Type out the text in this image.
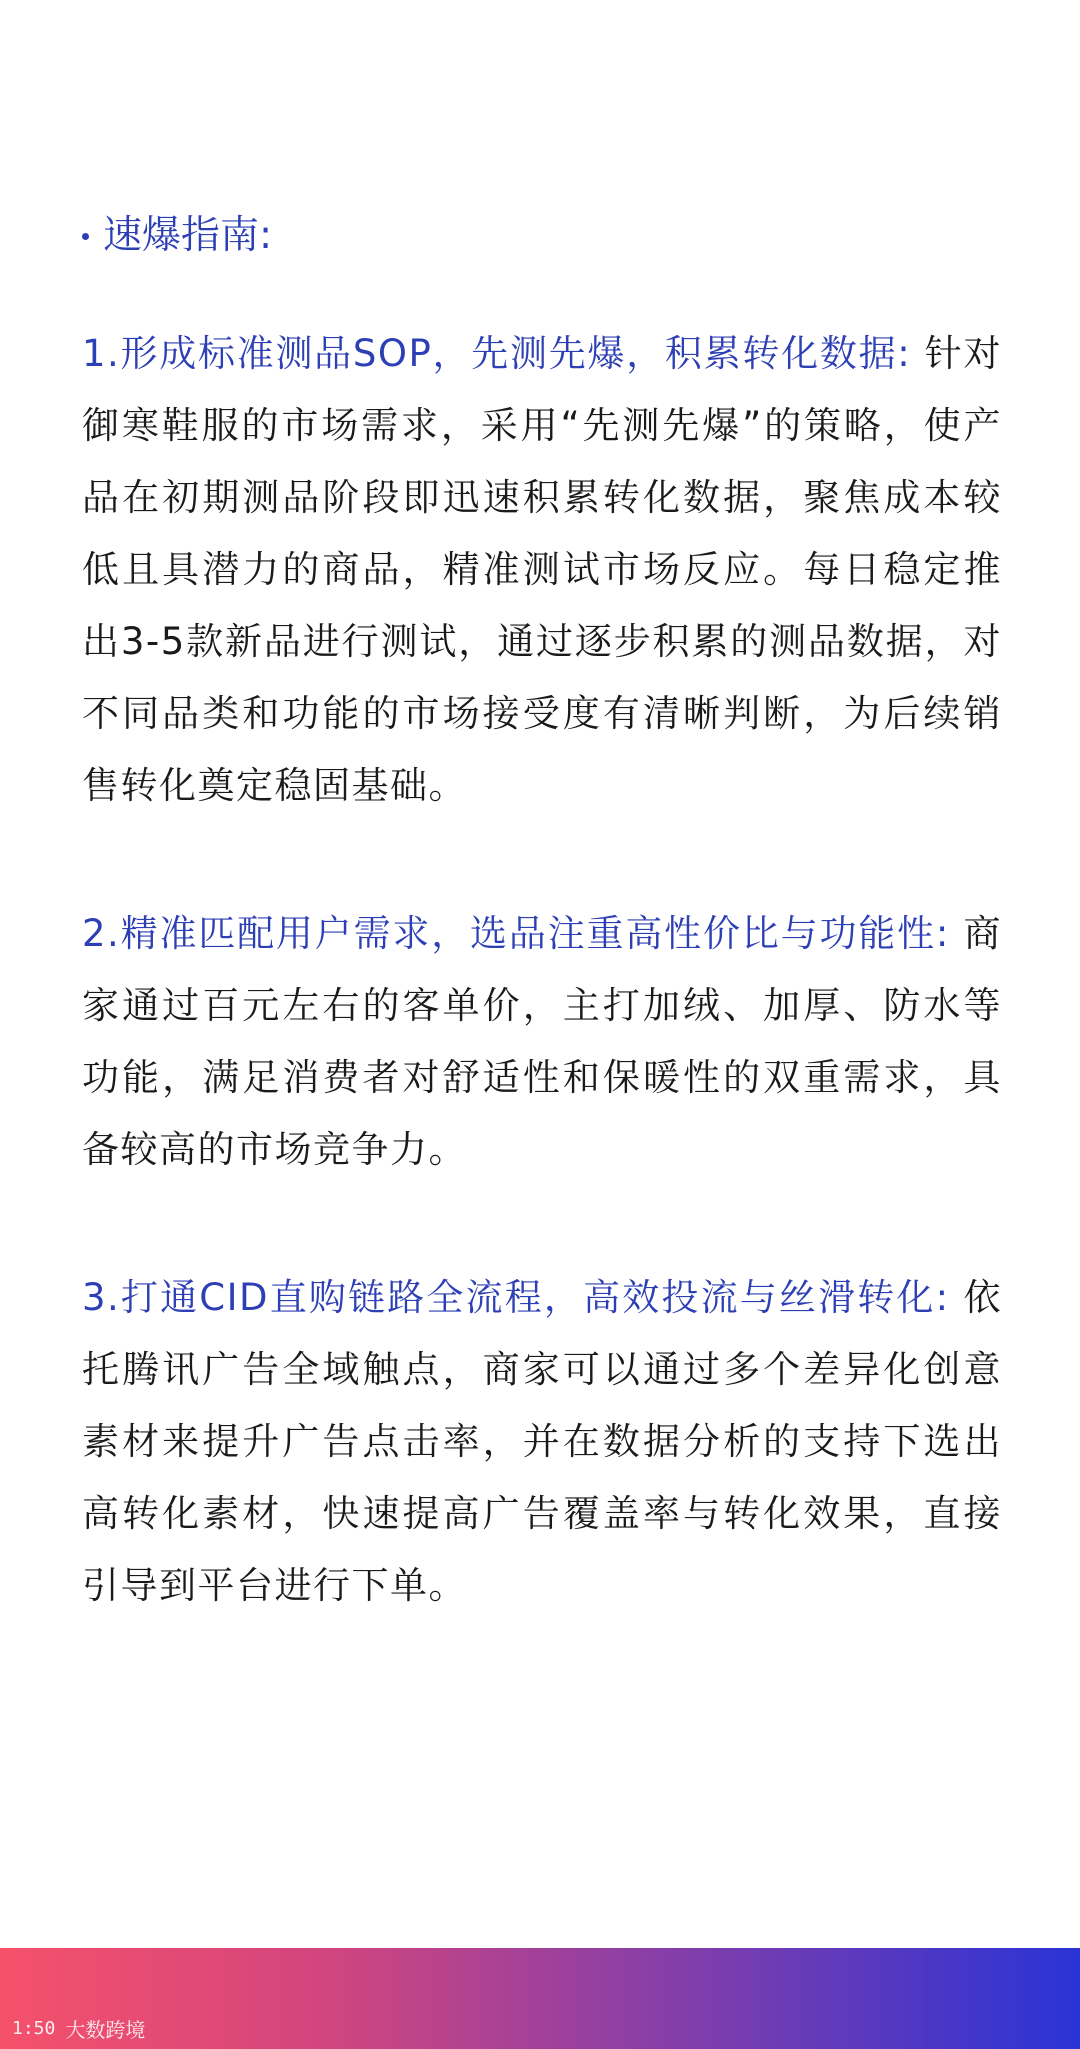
速爆指南:

1.形成标准测品SOP，先测先爆，积累转化数据: 针对御寒鞋服的市场需求，采用“先测先爆”的策略，使产品在初期测品阶段即迅速积累转化数据，聚焦成本较低且具潜力的商品，精准测试市场反应。每日稳定推出3-5款新品进行测试，通过逐步积累的测品数据，对不同品类和功能的市场接受度有清晰判断，为后续销售转化奠定稳固基础。

2.精准匹配用户需求，选品注重高性价比与功能性: 商家通过百元左右的客单价，主打加绒、加厚、防水等功能，满足消费者对舒适性和保暖性的双重需求，具备较高的市场竞争力。

3.打通CID直购链路全流程，高效投流与丝滑转化: 依托腾讯广告全域触点，商家可以通过多个差异化创意素材来提升广告点击率，并在数据分析的支持下选出高转化素材，快速提高广告覆盖率与转化效果，直接引导到平台进行下单。

1:50 大数跨境
